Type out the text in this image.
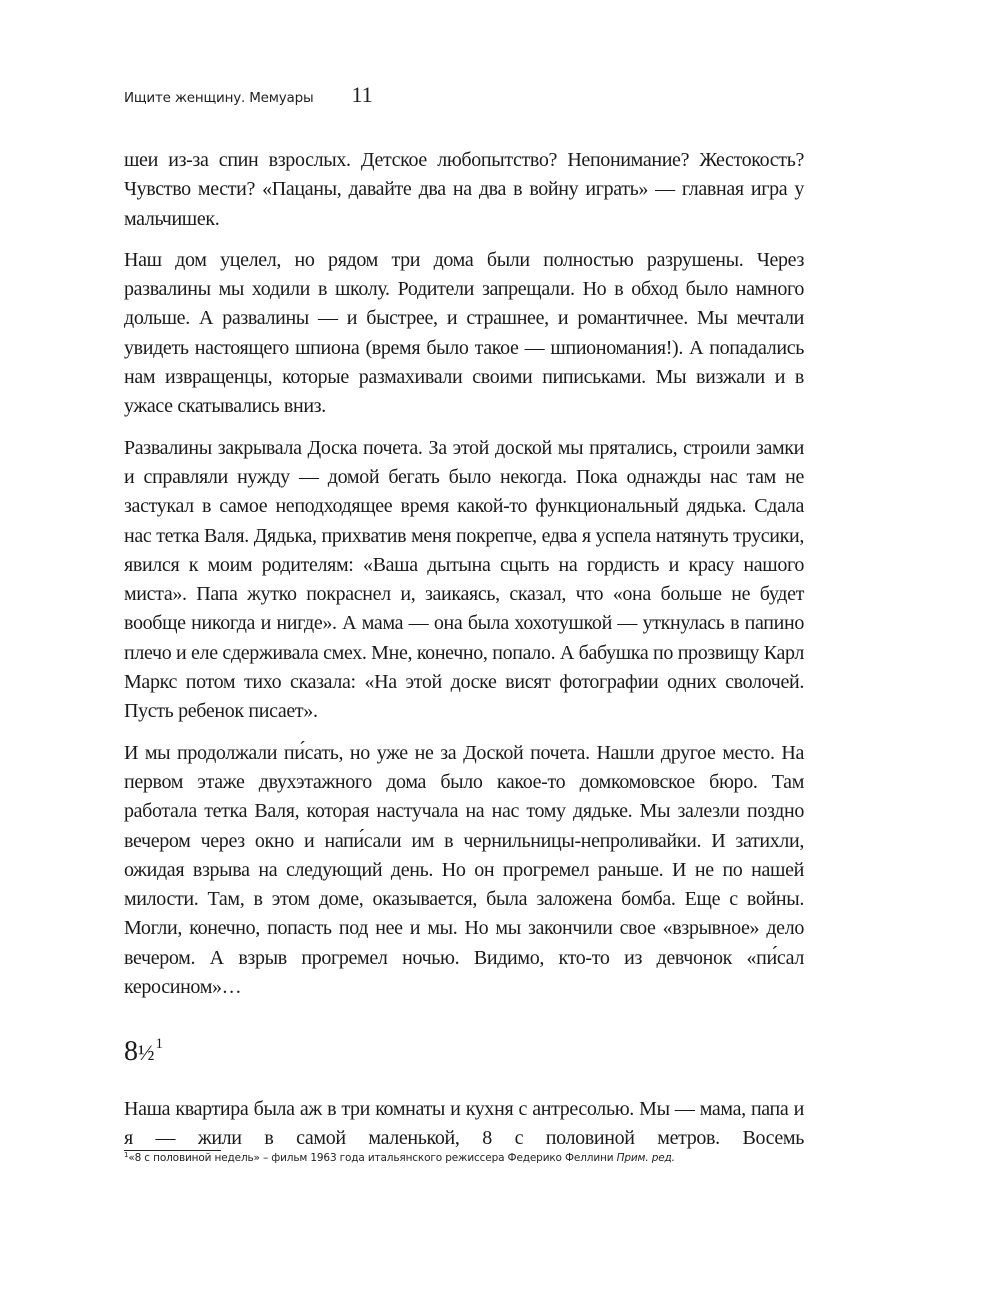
Ищите женщину. Мемуары 11

шеи из-за спин взрослых. Детское любопытство? Непонимание? Жестокость? Чувство мести? «Пацаны, давайте два на два в войну играть» — главная игра у мальчишек.

Наш дом уцелел, но рядом три дома были полностью разрушены. Через развалины мы ходили в школу. Родители запрещали. Но в обход было намного дольше. А развалины — и быстрее, и страшнее, и романтичнее. Мы мечтали увидеть настоящего шпиона (время было такое — шпиономания!). А попадались нам извращенцы, которые размахивали своими пиписьками. Мы визжали и в ужасе скатывались вниз.

Развалины закрывала Доска почета. За этой доской мы прятались, строили замки и справляли нужду — домой бегать было некогда. Пока однажды нас там не застукал в самое неподходящее время какой-то функциональный дядька. Сдала нас тетка Валя. Дядька, прихватив меня покрепче, едва я успела натянуть трусики, явился к моим родителям: «Ваша дытына сцыть на гордисть и красу нашого миста». Папа жутко покраснел и, заикаясь, сказал, что «она больше не будет вообще никогда и нигде». А мама — она была хохотушкой — уткнулась в папино плечо и еле сдерживала смех. Мне, конечно, попало. А бабушка по прозвищу Карл Маркс потом тихо сказала: «На этой доске висят фотографии одних сволочей. Пусть ребенок писает».

И мы продолжали пи́сать, но уже не за Доской почета. Нашли другое место. На первом этаже двухэтажного дома было какое-то домкомовское бюро. Там работала тетка Валя, которая настучала на нас тому дядьке. Мы залезли поздно вечером через окно и напи́сали им в чернильницы-непроливайки. И затихли, ожидая взрыва на следующий день. Но он прогремел раньше. И не по нашей милости. Там, в этом доме, оказывается, была заложена бомба. Еще с войны. Могли, конечно, попасть под нее и мы. Но мы закончили свое «взрывное» дело вечером. А взрыв прогремел ночью. Видимо, кто-то из девчонок «пи́сал керосином»…

8½$^1$

Наша квартира была аж в три комнаты и кухня с антресолью. Мы — мама, папа и я — жили в самой маленькой, 8 с половиной метров. Восемь

$^1$«8 с половиной недель» – фильм 1963 года итальянского режиссера Федерико Феллини Прим. ред.
